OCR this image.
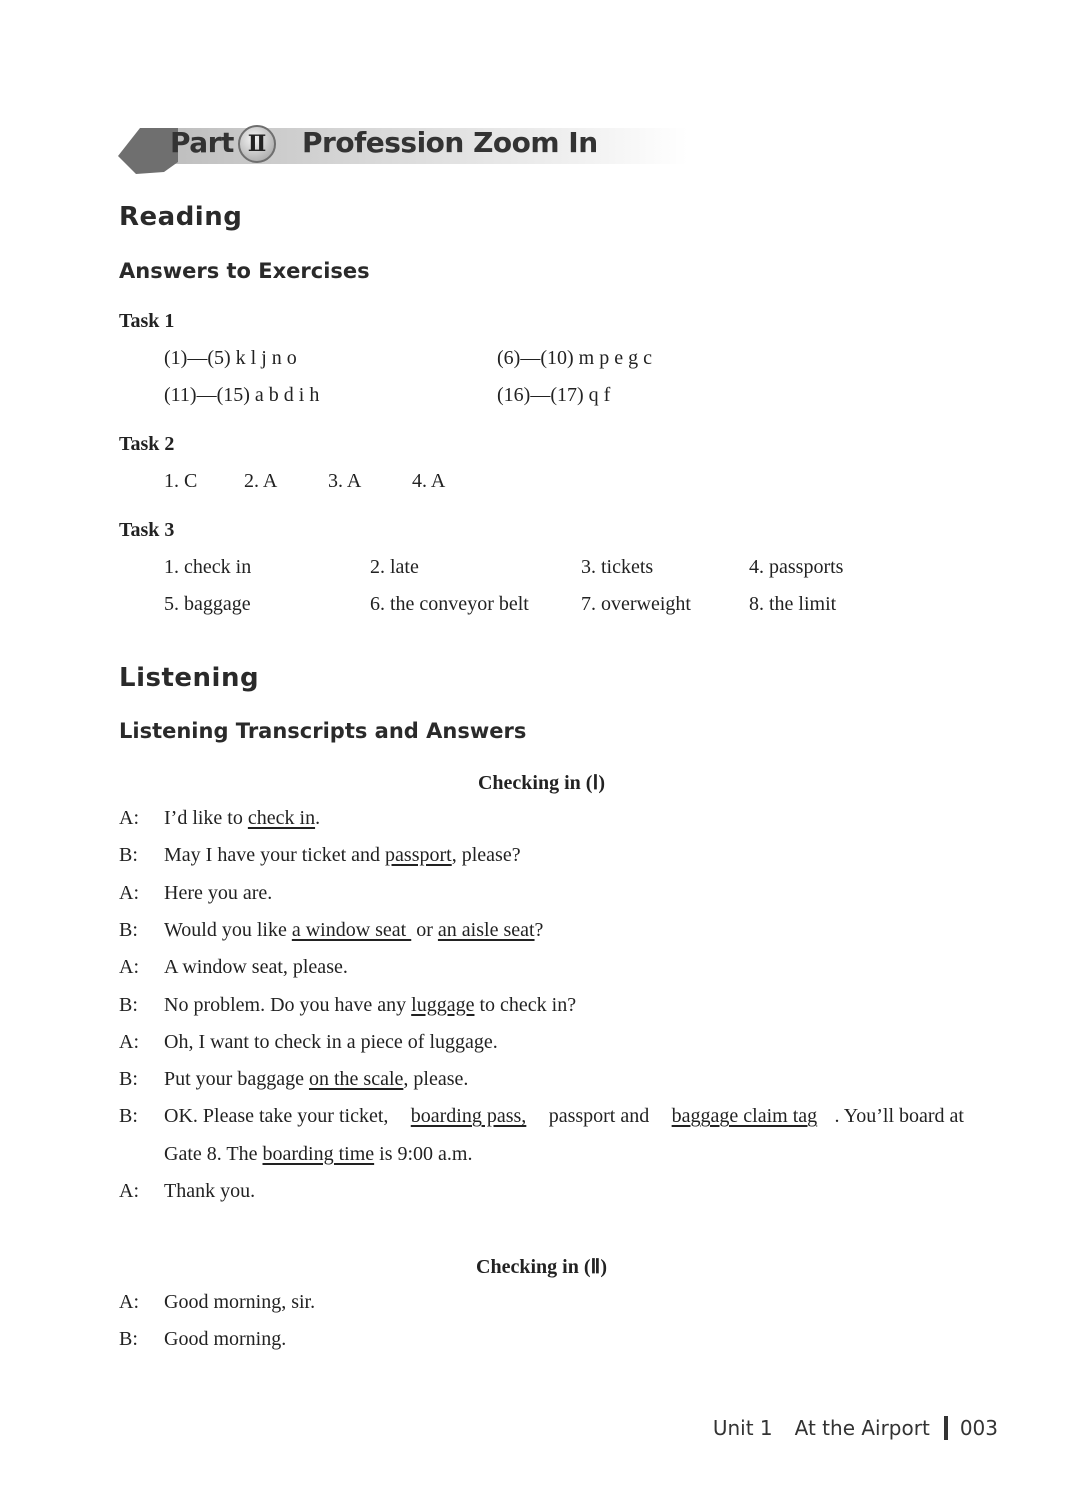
Part Ⅱ	Profession Zoom In
Reading
Answers to Exercises
Task 1
(1)—(5) k l j n o	(6)—(10) m p e g c
(11)—(15) a b d i h	(16)—(17) q f
Task 2
1. C 2. A	3. A	4. A
Task 3
1. check in	2. late	3. tickets	4. passports
5. baggage	6. the conveyor belt	7. overweight	8. the limit
Listening
Listening Transcripts and Answers
Checking in (Ⅰ)
A: I’d like to check in.
B: May I have your ticket and passport, please?
A: Here you are.
B: Would you like a window seat  or an aisle seat?
A: A window seat, please.
B: No problem. Do you have any luggage to check in?
A: Oh, I want to check in a piece of luggage.
B: Put your baggage on the scale, please.
B: OK. Please take your ticket, boarding pass, passport and baggage claim tag . You’ll board at
Gate 8. The boarding time is 9:00 a.m.
A: Thank you.
Checking in (Ⅱ)
A: Good morning, sir.
B: Good morning.
Unit 1 At the Airport 003
